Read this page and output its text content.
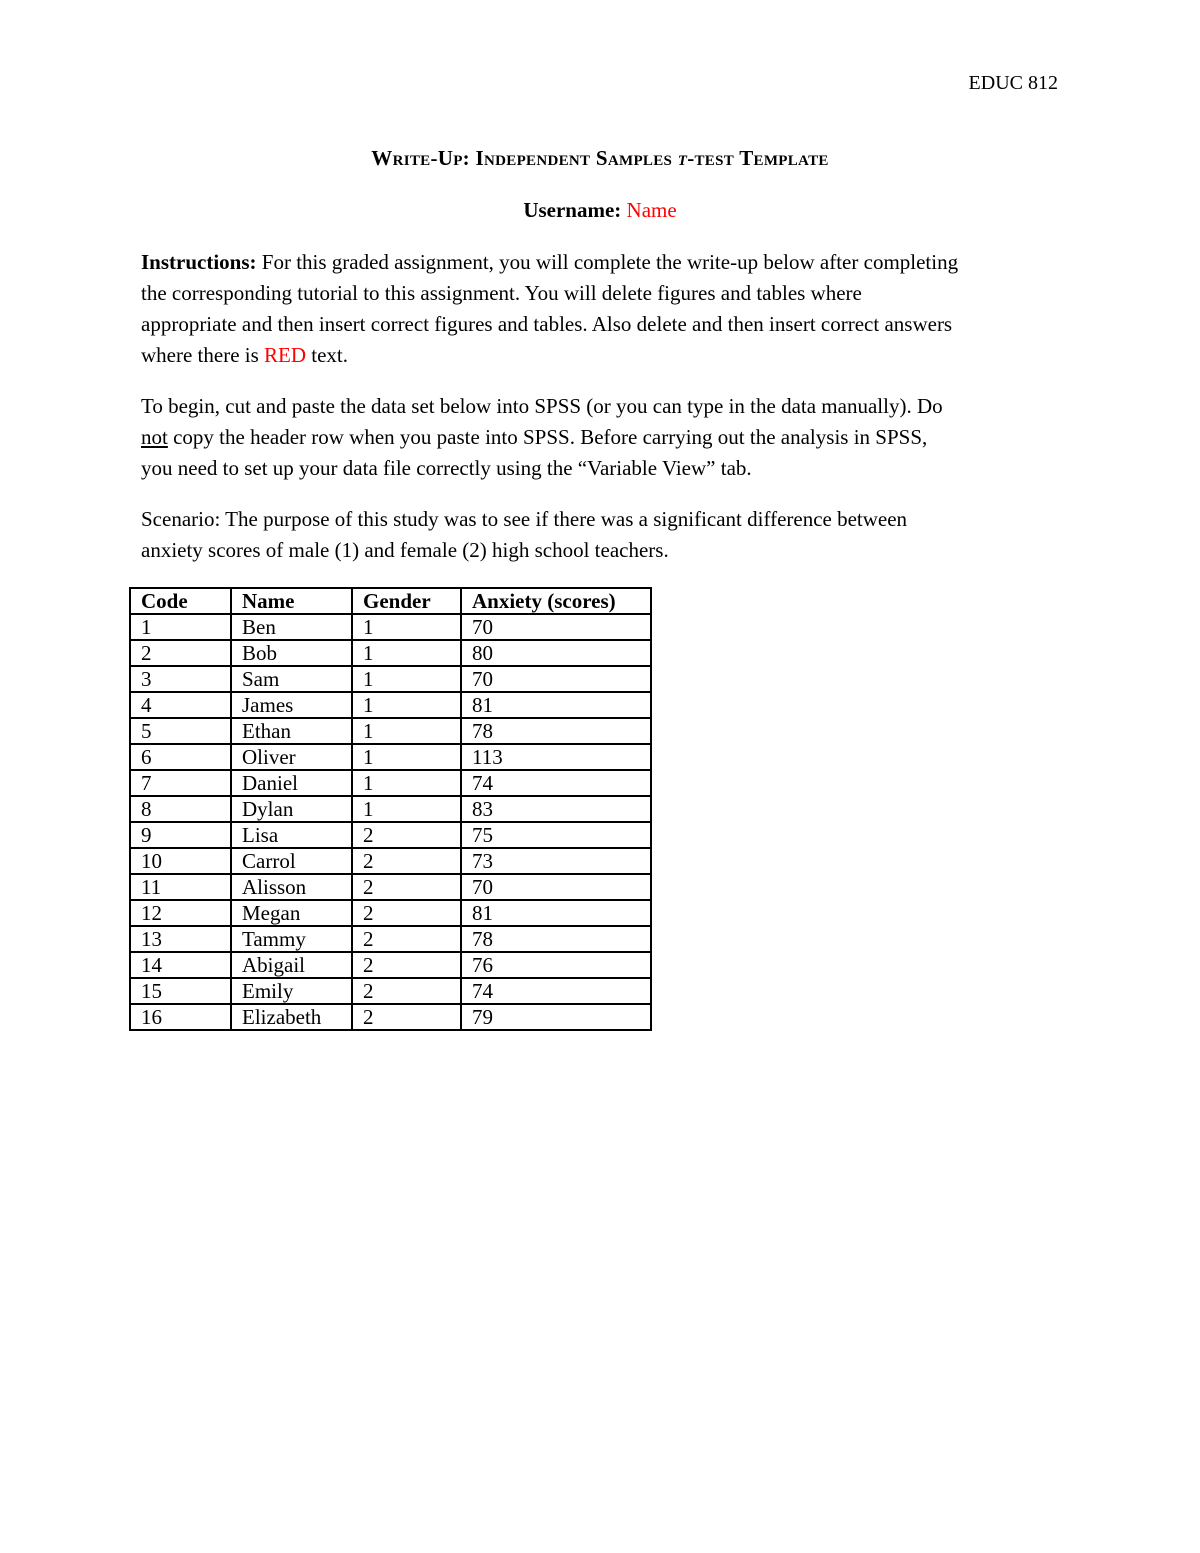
EDUC 812
Write-Up: Independent Samples t-test Template
Username: Name
Instructions: For this graded assignment, you will complete the write-up below after completing
the corresponding tutorial to this assignment. You will delete figures and tables where
appropriate and then insert correct figures and tables. Also delete and then insert correct answers
where there is RED text.
To begin, cut and paste the data set below into SPSS (or you can type in the data manually). Do
not copy the header row when you paste into SPSS. Before carrying out the analysis in SPSS,
you need to set up your data file correctly using the “Variable View” tab.
Scenario: The purpose of this study was to see if there was a significant difference between
anxiety scores of male (1) and female (2) high school teachers.
Code	Name	Gender	Anxiety (scores)
1	Ben	1	70
2	Bob	1	80
3	Sam	1	70
4	James	1	81
5	Ethan	1	78
6	Oliver	1	113
7	Daniel	1	74
8	Dylan	1	83
9	Lisa	2	75
10	Carrol	2	73
11	Alisson	2	70
12	Megan	2	81
13	Tammy	2	78
14	Abigail	2	76
15	Emily	2	74
16	Elizabeth	2	79
